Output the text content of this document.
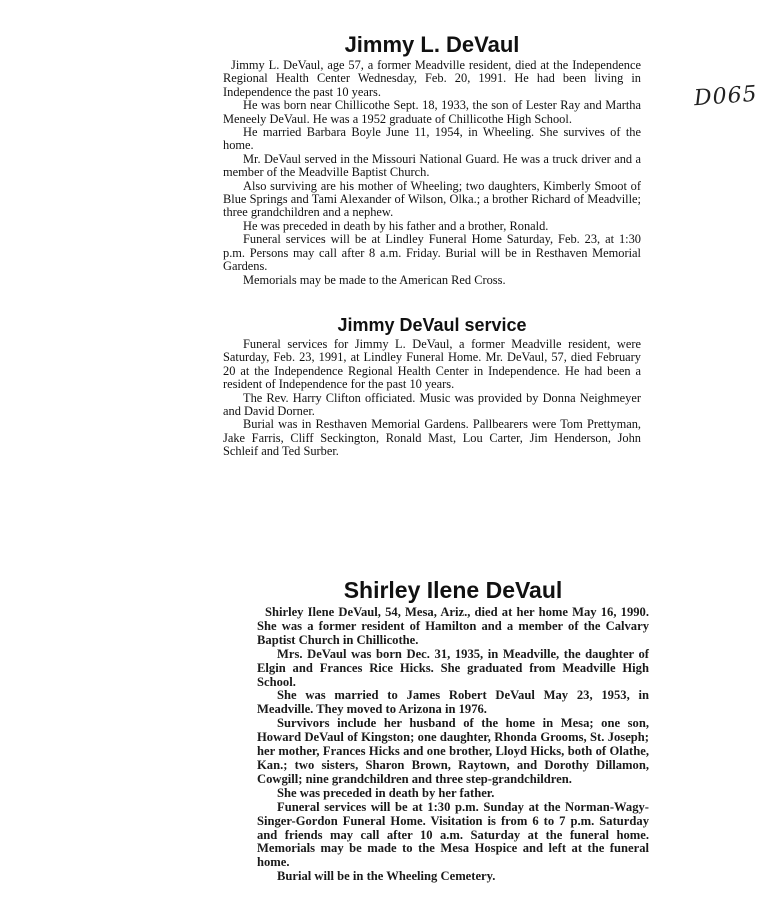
D065
Jimmy L. DeVaul

Jimmy L. DeVaul, age 57, a former Meadville resident, died at the Independence Regional Health Center Wednesday, Feb. 20, 1991. He had been living in Independence the past 10 years.

He was born near Chillicothe Sept. 18, 1933, the son of Lester Ray and Martha Meneely DeVaul. He was a 1952 graduate of Chillicothe High School.

He married Barbara Boyle June 11, 1954, in Wheeling. She survives of the home.

Mr. DeVaul served in the Missouri National Guard. He was a truck driver and a member of the Meadville Baptist Church.

Also surviving are his mother of Wheeling; two daughters, Kimberly Smoot of Blue Springs and Tami Alexander of Wilson, Olka.; a brother Richard of Meadville; three grandchildren and a nephew.

He was preceded in death by his father and a brother, Ronald.

Funeral services will be at Lindley Funeral Home Saturday, Feb. 23, at 1:30 p.m. Persons may call after 8 a.m. Friday. Burial will be in Resthaven Memorial Gardens.

Memorials may be made to the American Red Cross.

Jimmy DeVaul service

Funeral services for Jimmy L. DeVaul, a former Meadville resident, were Saturday, Feb. 23, 1991, at Lindley Funeral Home. Mr. DeVaul, 57, died February 20 at the Independence Regional Health Center in Independence. He had been a resident of Independence for the past 10 years.

The Rev. Harry Clifton officiated. Music was provided by Donna Neighmeyer and David Dorner.

Burial was in Resthaven Memorial Gardens. Pallbearers were Tom Prettyman, Jake Farris, Cliff Seckington, Ronald Mast, Lou Carter, Jim Henderson, John Schleif and Ted Surber.

Shirley Ilene DeVaul

Shirley Ilene DeVaul, 54, Mesa, Ariz., died at her home May 16, 1990. She was a former resident of Hamilton and a member of the Calvary Baptist Church in Chillicothe.

Mrs. DeVaul was born Dec. 31, 1935, in Meadville, the daughter of Elgin and Frances Rice Hicks. She graduated from Meadville High School.

She was married to James Robert DeVaul May 23, 1953, in Meadville. They moved to Arizona in 1976.

Survivors include her husband of the home in Mesa; one son, Howard DeVaul of Kingston; one daughter, Rhonda Grooms, St. Joseph; her mother, Frances Hicks and one brother, Lloyd Hicks, both of Olathe, Kan.; two sisters, Sharon Brown, Raytown, and Dorothy Dillamon, Cowgill; nine grandchildren and three step-grandchildren.

She was preceded in death by her father.

Funeral services will be at 1:30 p.m. Sunday at the Norman-Wagy-Singer-Gordon Funeral Home. Visitation is from 6 to 7 p.m. Saturday and friends may call after 10 a.m. Saturday at the funeral home. Memorials may be made to the Mesa Hospice and left at the funeral home.

Burial will be in the Wheeling Cemetery.
